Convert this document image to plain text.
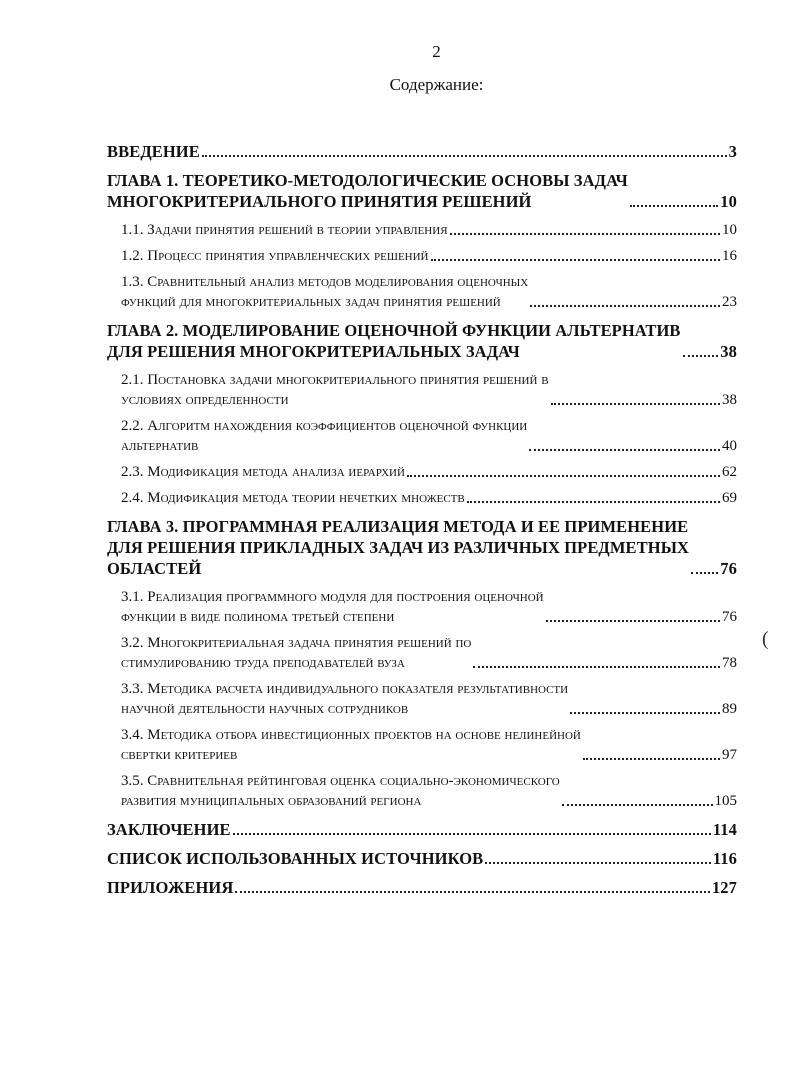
2
Содержание:
ВВЕДЕНИЕ	3
ГЛАВА 1. ТЕОРЕТИКО-МЕТОДОЛОГИЧЕСКИЕ ОСНОВЫ ЗАДАЧ
МНОГОКРИТЕРИАЛЬНОГО ПРИНЯТИЯ РЕШЕНИЙ	10
1.1. Задачи принятия решений в теории управления	10
1.2. Процесс принятия управленческих решений	16
1.3. Сравнительный анализ методов моделирования оценочных
функций для многокритериальных задач принятия решений	23
ГЛАВА 2. МОДЕЛИРОВАНИЕ ОЦЕНОЧНОЙ ФУНКЦИИ АЛЬТЕРНАТИВ
ДЛЯ РЕШЕНИЯ МНОГОКРИТЕРИАЛЬНЫХ ЗАДАЧ	38
2.1. Постановка задачи многокритериального принятия решений в
условиях определенности	38
2.2. Алгоритм нахождения коэффициентов оценочной функции
альтернатив	40
2.3. Модификация метода анализа иерархий	62
2.4. Модификация метода теории нечетких множеств	69
ГЛАВА 3. ПРОГРАММНАЯ РЕАЛИЗАЦИЯ МЕТОДА И ЕЕ ПРИМЕНЕНИЕ
ДЛЯ РЕШЕНИЯ ПРИКЛАДНЫХ ЗАДАЧ ИЗ РАЗЛИЧНЫХ ПРЕДМЕТНЫХ
ОБЛАСТЕЙ	76
3.1. Реализация программного модуля для построения оценочной
функции в виде полинома третьей степени	76
3.2. Многокритериальная задача принятия решений по
стимулированию труда преподавателей вуза	78
3.3. Методика расчета индивидуального показателя результативности
научной деятельности научных сотрудников	89
3.4. Методика отбора инвестиционных проектов на основе нелинейной
свертки критериев	97
3.5. Сравнительная рейтинговая оценка социально-экономического
развития муниципальных образований региона	105
ЗАКЛЮЧЕНИЕ	114
СПИСОК ИСПОЛЬЗОВАННЫХ ИСТОЧНИКОВ	116
ПРИЛОЖЕНИЯ	127
(
